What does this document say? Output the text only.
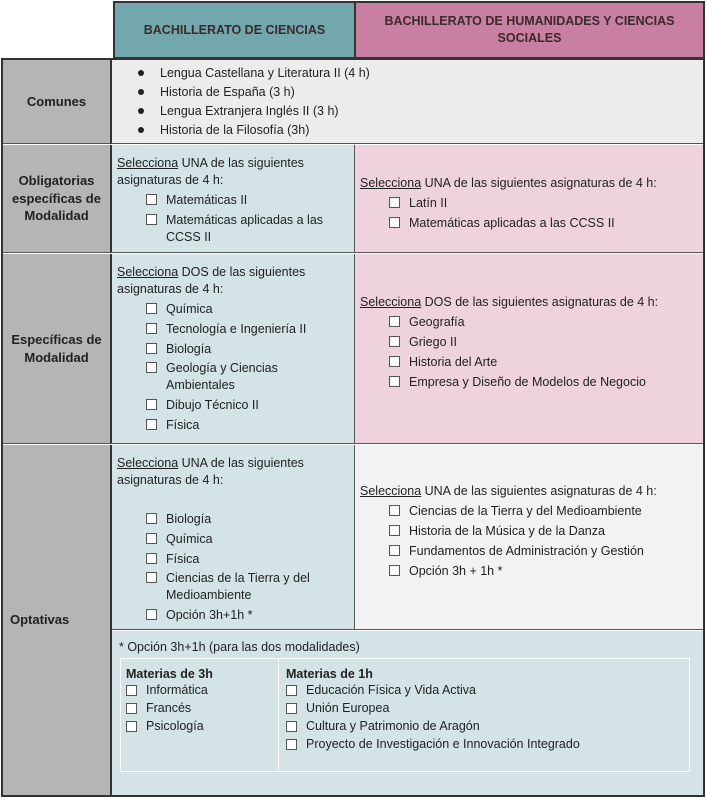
BACHILLERATO DE CIENCIAS
BACHILLERATO DE HUMANIDADES Y CIENCIAS SOCIALES
Comunes
Lengua Castellana y Literatura II (4 h)
Historia de España (3 h)
Lengua Extranjera Inglés II (3 h)
Historia de la Filosofía (3h)
Obligatorias específicas de Modalidad
Selecciona UNA de las siguientes asignaturas de 4 h:
Matemáticas II
Matemáticas aplicadas a las CCSS II
Selecciona UNA de las siguientes asignaturas de 4 h:
Latín II
Matemáticas aplicadas a las CCSS II
Específicas de Modalidad
Selecciona DOS de las siguientes asignaturas de 4 h:
Química
Tecnología e Ingeniería II
Biología
Geología y Ciencias Ambientales
Dibujo Técnico II
Física
Selecciona DOS de las siguientes asignaturas de 4 h:
Geografía
Griego II
Historia del Arte
Empresa y Diseño de Modelos de Negocio
Optativas
Selecciona UNA de las siguientes asignaturas de 4 h:
Biología
Química
Física
Ciencias de la Tierra y del Medioambiente
Opción 3h+1h *
Selecciona UNA de las siguientes asignaturas de 4 h:
Ciencias de la Tierra y del Medioambiente
Historia de la Música y de la Danza
Fundamentos de Administración y Gestión
Opción 3h + 1h *
* Opción 3h+1h (para las dos modalidades)
Materias de 3h
Informática
Francés
Psicología
Materias de 1h
Educación Física y Vida Activa
Unión Europea
Cultura y Patrimonio de Aragón
Proyecto de Investigación e Innovación Integrado
